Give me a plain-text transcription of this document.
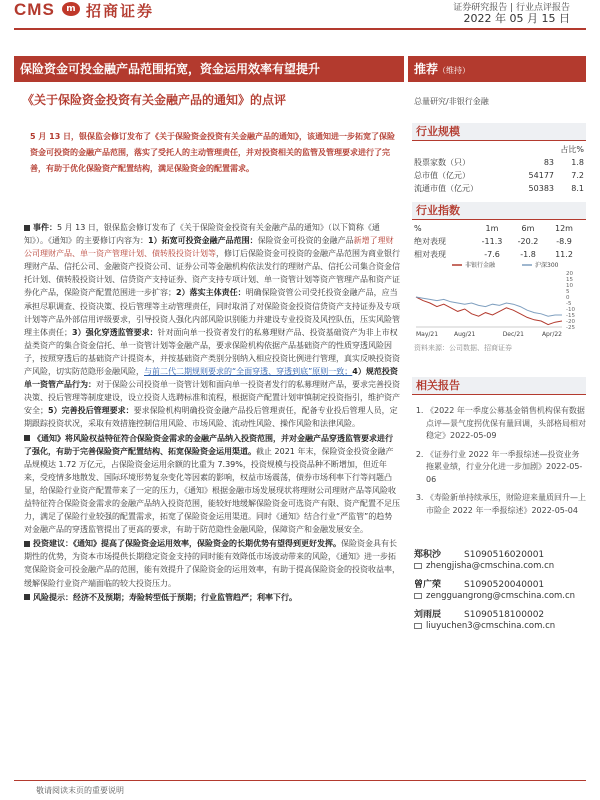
CMS	m 招商证券	证券研究报告 | 行业点评报告
2022 年 05 月 15 日
保险资金可投金融产品范围拓宽，资金运用效率有望提升	推荐（维持）
《关于保险资金投资有关金融产品的通知》的点评	总量研究/非银行金融
5 月 13 日，银保监会修订发布了《关于保险资金投资有关金融产品的通知》，该通知进一步拓宽了保险资金可投资的金融产品范围，落实了受托人的主动管理责任，并对投资相关的监管及管理要求进行了完善，有助于优化保险资产配置结构，满足保险资金的配置需求。

事件：5 月 13 日，银保监会修订发布了《关于保险资金投资有关金融产品的通知》（以下简称《通知》）。《通知》的主要修订内容为：1）拓宽可投资金融产品范围：保险资金可投资的金融产品新增了理财公司理财产品、单一资产管理计划、债转股投资计划等，修订后保险资金可投资的金融产品范围为商业银行理财产品、信托公司、金融资产投资公司、证券公司等金融机构依法发行的理财产品、信托公司集合资金信托计划、债转股投资计划、信贷资产支持证券、资产支持专项计划、单一资管计划等资产管理产品和资产证券化产品，保险资产配置范围进一步扩容；2）落实主体责任：明确保险资管公司受托投资金融产品，应当承担尽职调查、投资决策、投后管理等主动管理责任，同时取消了对保险资金投资信贷资产支持证券及专项计划等产品外部信用评级要求，引导投资人强化内部风险识别能力并建设专业投资及风控队伍，压实风险管理主体责任；3）强化穿透监管要求：针对面向单一投资者发行的私募理财产品、投资基础资产为非上市权益类资产的集合资金信托、单一资管计划等金融产品，要求保险机构依据产品基础资产的性质穿透风险因子，按照穿透后的基础资产计提资本，并按基础资产类别分别纳入相应投资比例进行管理，真实反映投资资产风险，切实防范隐形金融风险，与前二代二期规则要求的“全面穿透、穿透到底”原则一致；4）规范投资单一资管产品行为：对于保险公司投资单一资管计划和面向单一投资者发行的私募理财产品，要求完善投资决策、投后管理等制度建设，设立投资人选聘标准和流程，根据资产配置计划审慎制定投资指引，维护资产安全；5）完善投后管理要求：要求保险机构明确投资金融产品投后管理责任，配备专业投后管理人员，定期跟踪投资状况，采取有效措施控制信用风险、市场风险、流动性风险、操作风险和法律风险。

《通知》将风险权益特征符合保险资金需求的金融产品纳入投资范围，并对金融产品穿透监管要求进行了强化，有助于完善保险资产配置结构、拓宽保险资金运用渠道。截止 2021 年末，保险资金投资金融产品规模达 1.72 万亿元，占保险资金运用余额的比重为 7.39%，投资规模与投资品种不断增加，但近年来，受疫情多地散发、国际环境形势复杂变化等因素的影响，权益市场震荡，债券市场利率下行等问题凸显，给保险行业资产配置带来了一定的压力，《通知》根据金融市场发展现状将理财公司理财产品等风险收益特征符合保险资金需求的金融产品纳入投资范围，能较好地缓解保险资金可选资产有限、资产配置不足压力，满足了保险行业较强的配置需求，拓宽了保险资金运用渠道。同时《通知》结合行业“严监管”的趋势对金融产品的穿透监管提出了更高的要求，有助于防范隐性金融风险，保障资产和金融发展安全。

投资建议：《通知》提高了保险资金运用效率，保险资金的长期优势有望得到更好发挥。保险资金具有长期性的优势，为资本市场提供长期稳定资金支持的同时能有效降低市场波动带来的风险，《通知》进一步拓宽保险资金可投金融产品的范围，能有效提升了保险资金的运用效率，有助于提高保险资金的投资收益率，缓解保险行业资产端面临的较大投资压力。

风险提示：经济不及预期；寿险转型低于预期；行业监管趋严；利率下行。

行业规模
		占比%
股票家数（只）	83	1.8
总市值（亿元）	54177	7.2
流通市值（亿元）	50383	8.1
行业指数
%	1m	6m	12m
绝对表现	-11.3	-20.2	-8.9
相对表现	-7.6	-1.8	11.2
20
15
10
5
0
-5
-10
-15
-20
-25
May/21	Aug/21	Dec/21	Apr/22
非银行金融	沪深300
资料来源：公司数据、招商证券
相关报告
1. 《2022 年一季度公募基金销售机构保有数据点评—景气度拐优保有量回调，头部格局相对稳定》2022-05-09
2. 《证券行业 2022 年一季报综述—投资业务拖累业绩，行业分化进一步加剧》2022-05-06
3. 《寿险新单持续承压，财险迎来量质回升—上市险企 2022 年一季报综述》2022-05-04
郑积沙	S1090516020001
zhengjisha@cmschina.com.cn
曾广荣	S1090520040001
zengguangrong@cmschina.com.cn
刘雨辰	S1090518100002
liuyuchen3@cmschina.com.cn
敬请阅读末页的重要说明
